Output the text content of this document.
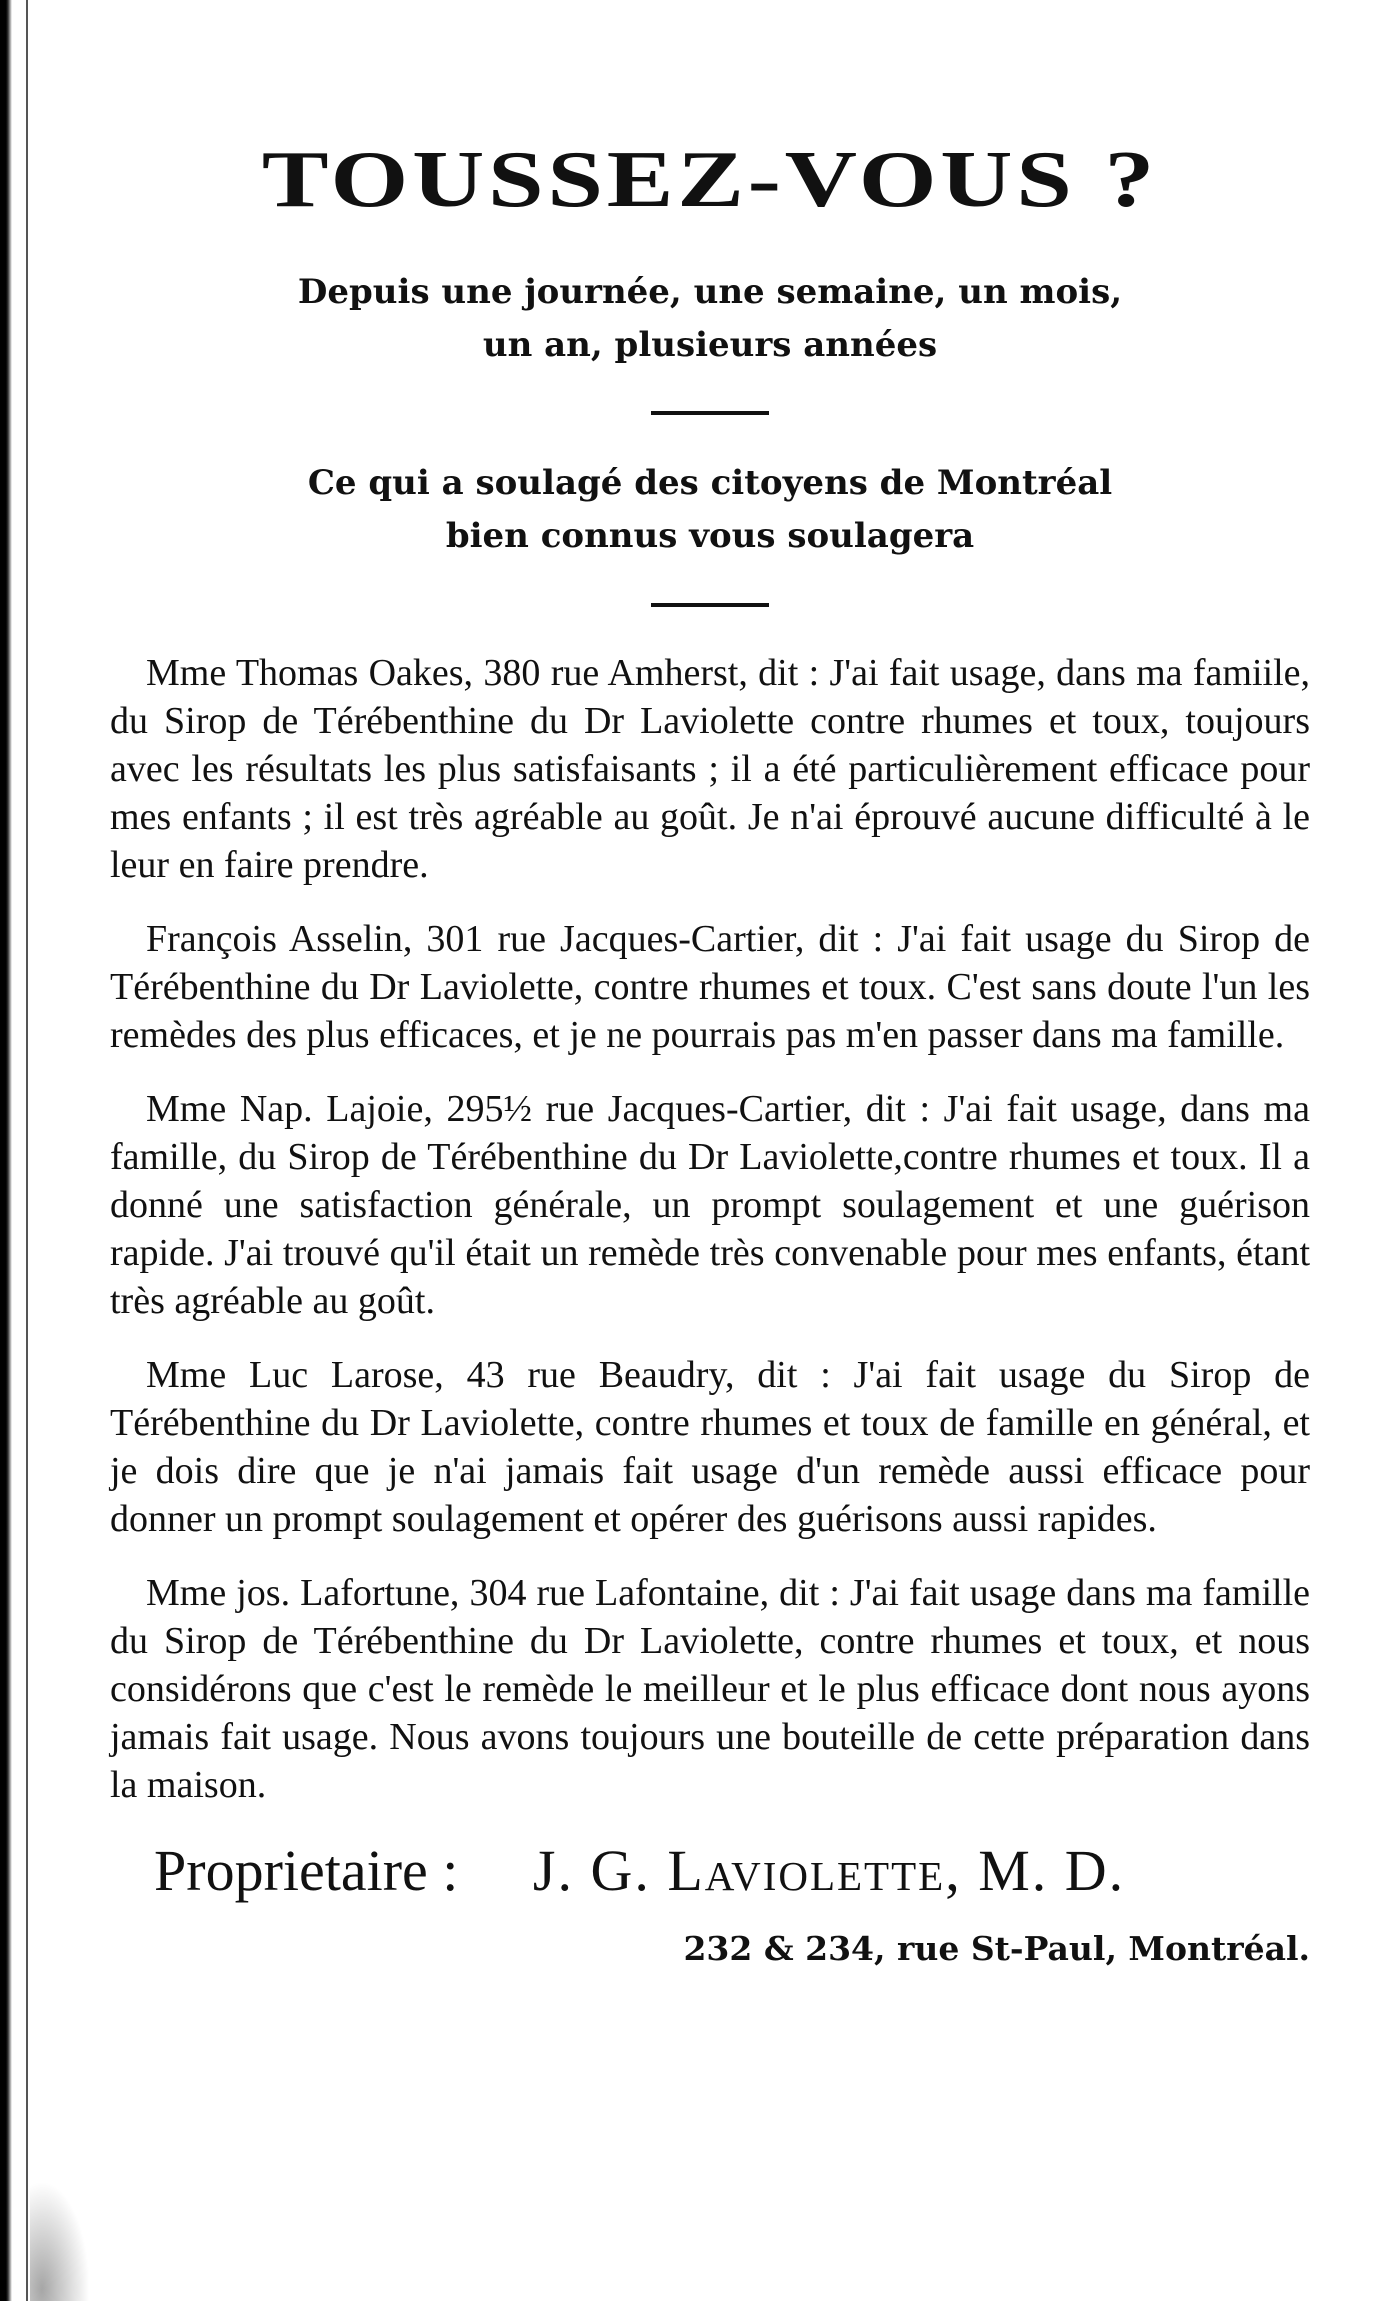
TOUSSEZ-VOUS ?

Depuis une journée, une semaine, un mois,
un an, plusieurs années

Ce qui a soulagé des citoyens de Montréal
bien connus vous soulagera

Mme Thomas Oakes, 380 rue Amherst, dit : J'ai fait usage, dans ma famiile, du Sirop de Térébenthine du Dr Laviolette contre rhumes et toux, toujours avec les résultats les plus satisfaisants ; il a été particulièrement efficace pour mes enfants ; il est très agréable au goût. Je n'ai éprouvé aucune difficulté à le leur en faire prendre.

François Asselin, 301 rue Jacques-Cartier, dit : J'ai fait usage du Sirop de Térébenthine du Dr Laviolette, contre rhumes et toux. C'est sans doute l'un les remèdes des plus efficaces, et je ne pourrais pas m'en passer dans ma famille.

Mme Nap. Lajoie, 295½ rue Jacques-Cartier, dit : J'ai fait usage, dans ma famille, du Sirop de Térébenthine du Dr Laviolette,contre rhumes et toux. Il a donné une satisfaction générale, un prompt soulagement et une guérison rapide. J'ai trouvé qu'il était un remède très convenable pour mes enfants, étant très agréable au goût.

Mme Luc Larose, 43 rue Beaudry, dit : J'ai fait usage du Sirop de Térébenthine du Dr Laviolette, contre rhumes et toux de famille en général, et je dois dire que je n'ai jamais fait usage d'un remède aussi efficace pour donner un prompt soulagement et opérer des guérisons aussi rapides.

Mme jos. Lafortune, 304 rue Lafontaine, dit : J'ai fait usage dans ma famille du Sirop de Térébenthine du Dr Laviolette, contre rhumes et toux, et nous considérons que c'est le remède le meilleur et le plus efficace dont nous ayons jamais fait usage. Nous avons toujours une bouteille de cette préparation dans la maison.

Proprietaire : J. G. Laviolette, M. D.
232 & 234, rue St-Paul, Montréal.
